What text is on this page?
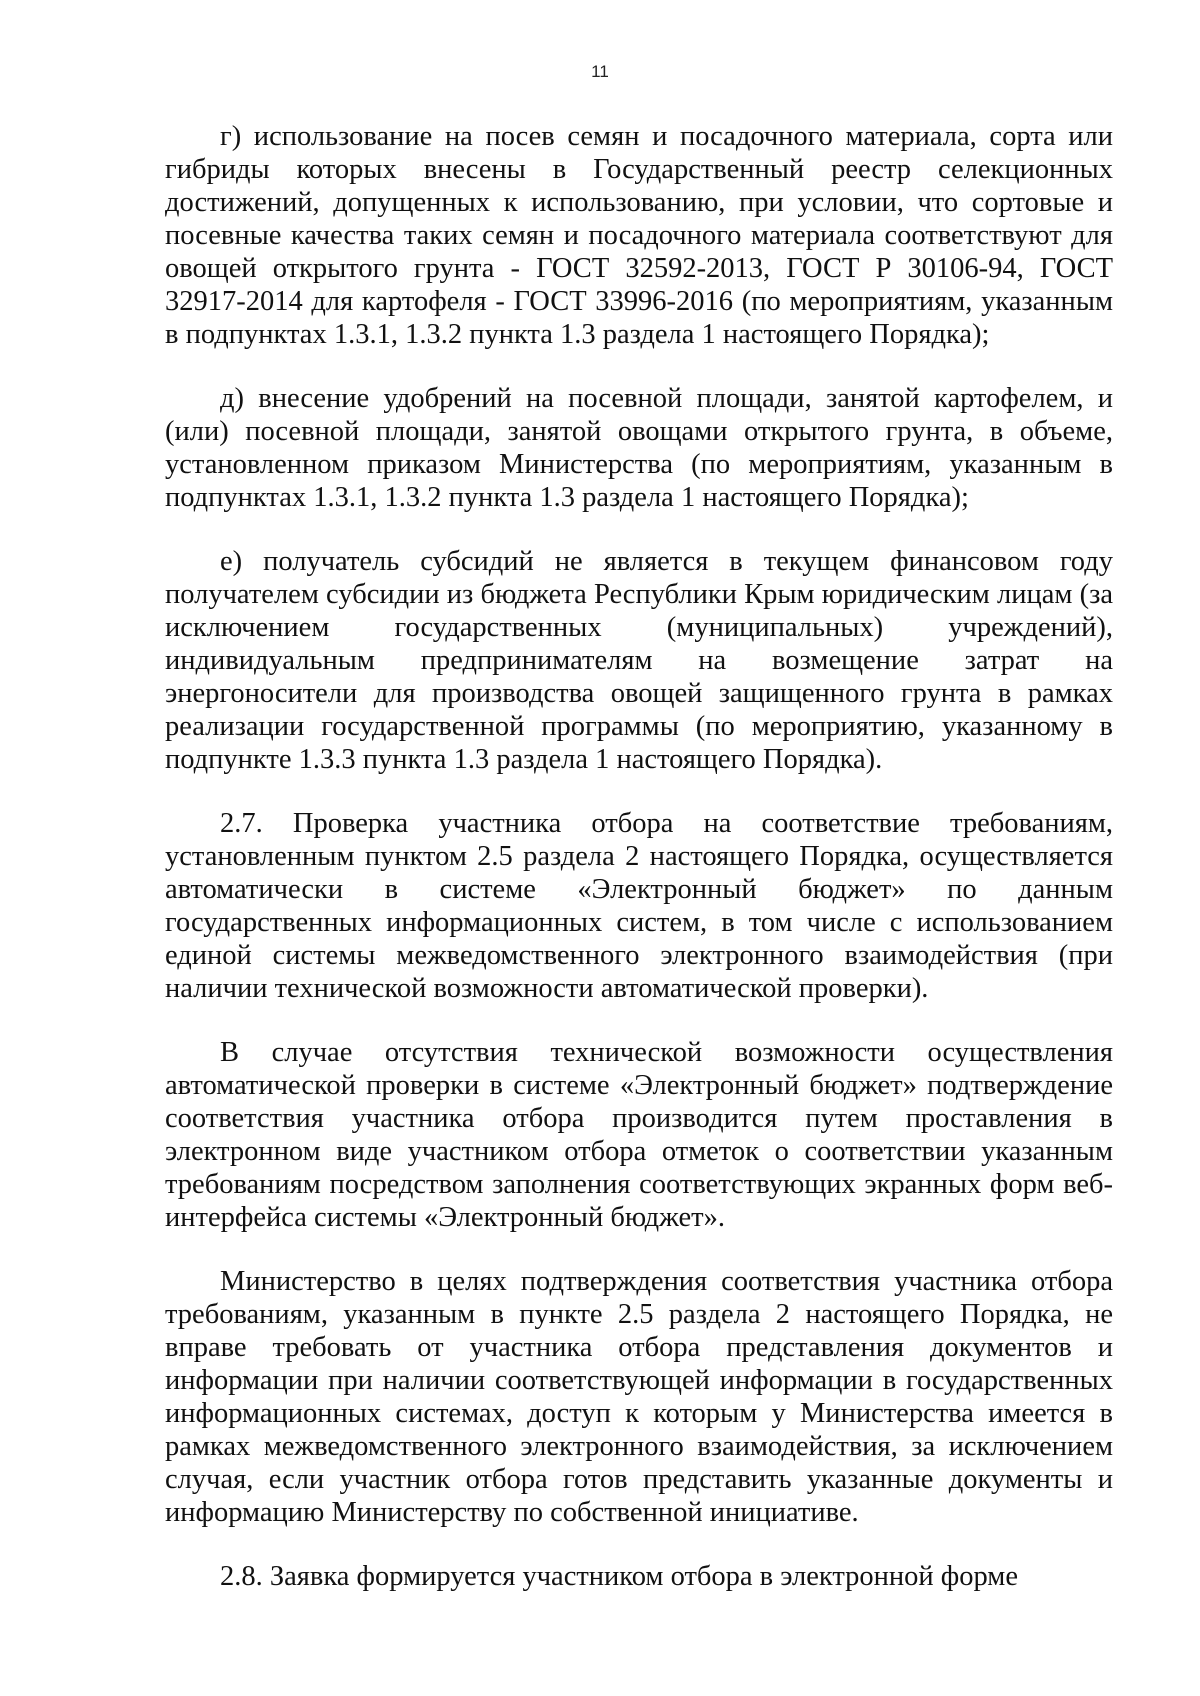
11

г) использование на посев семян и посадочного материала, сорта или гибриды которых внесены в Государственный реестр селекционных достижений, допущенных к использованию, при условии, что сортовые и посевные качества таких семян и посадочного материала соответствуют для овощей открытого грунта - ГОСТ 32592-2013, ГОСТ Р 30106-94, ГОСТ 32917-2014 для картофеля - ГОСТ 33996-2016 (по мероприятиям, указанным в подпунктах 1.3.1, 1.3.2 пункта 1.3 раздела 1 настоящего Порядка);

д) внесение удобрений на посевной площади, занятой картофелем, и (или) посевной площади, занятой овощами открытого грунта, в объеме, установленном приказом Министерства (по мероприятиям, указанным в подпунктах 1.3.1, 1.3.2 пункта 1.3 раздела 1 настоящего Порядка);

е) получатель субсидий не является в текущем финансовом году получателем субсидии из бюджета Республики Крым юридическим лицам (за исключением государственных (муниципальных) учреждений), индивидуальным предпринимателям на возмещение затрат на энергоносители для производства овощей защищенного грунта в рамках реализации государственной программы (по мероприятию, указанному в подпункте 1.3.3 пункта 1.3 раздела 1 настоящего Порядка).

2.7. Проверка участника отбора на соответствие требованиям, установленным пунктом 2.5 раздела 2 настоящего Порядка, осуществляется автоматически в системе «Электронный бюджет» по данным государственных информационных систем, в том числе с использованием единой системы межведомственного электронного взаимодействия (при наличии технической возможности автоматической проверки).

В случае отсутствия технической возможности осуществления автоматической проверки в системе «Электронный бюджет» подтверждение соответствия участника отбора производится путем проставления в электронном виде участником отбора отметок о соответствии указанным требованиям посредством заполнения соответствующих экранных форм веб-интерфейса системы «Электронный бюджет».

Министерство в целях подтверждения соответствия участника отбора требованиям, указанным в пункте 2.5 раздела 2 настоящего Порядка, не вправе требовать от участника отбора представления документов и информации при наличии соответствующей информации в государственных информационных системах, доступ к которым у Министерства имеется в рамках межведомственного электронного взаимодействия, за исключением случая, если участник отбора готов представить указанные документы и информацию Министерству по собственной инициативе.

2.8. Заявка формируется участником отбора в электронной форме
